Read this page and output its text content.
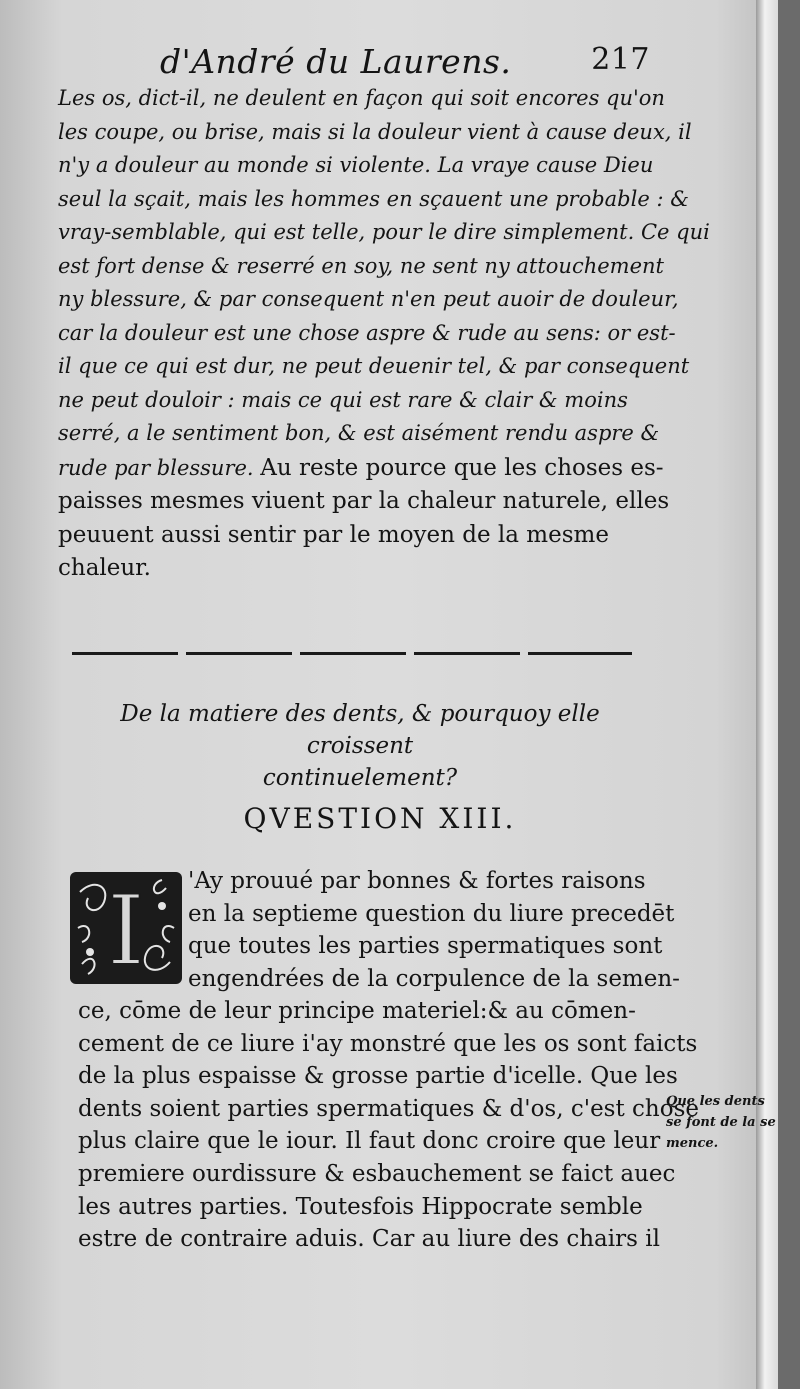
d'André du Laurens.	217
Les os, dict-il, ne deulent en façon qui soit encores qu'on
les coupe, ou brise, mais si la douleur vient à cause deux, il
n'y a douleur au monde si violente. La vraye cause Dieu
seul la sçait, mais les hommes en sçauent une probable : &
vray-semblable, qui est telle, pour le dire simplement. Ce qui
est fort dense & reserré en soy, ne sent ny attouchement
ny blessure, & par consequent n'en peut auoir de douleur,
car la douleur est une chose aspre & rude au sens: or est-
il que ce qui est dur, ne peut deuenir tel, & par consequent
ne peut douloir : mais ce qui est rare & clair & moins
serré, a le sentiment bon, & est aisément rendu aspre &
rude par blessure. Au reste pource que les choses es-
paisses mesmes viuent par la chaleur naturele, elles
peuuent aussi sentir par le moyen de la mesme
chaleur.
De la matiere des dents, & pourquoy elle croissent
continuelement?
QVESTION XIII.
I 'Ay prouué par bonnes & fortes raisons
en la septieme question du liure precedēt
que toutes les parties spermatiques sont
engendrées de la corpulence de la semen-
ce, cōme de leur principe materiel:& au cōmen-
cement de ce liure i'ay monstré que les os sont faicts
de la plus espaisse & grosse partie d'icelle. Que les
dents soient parties spermatiques & d'os, c'est chose
plus claire que le iour. Il faut donc croire que leur
premiere ourdissure & esbauchement se faict auec
les autres parties. Toutesfois Hippocrate semble
estre de contraire aduis. Car au liure des chairs il
Que les dents
se font de la se
mence.
